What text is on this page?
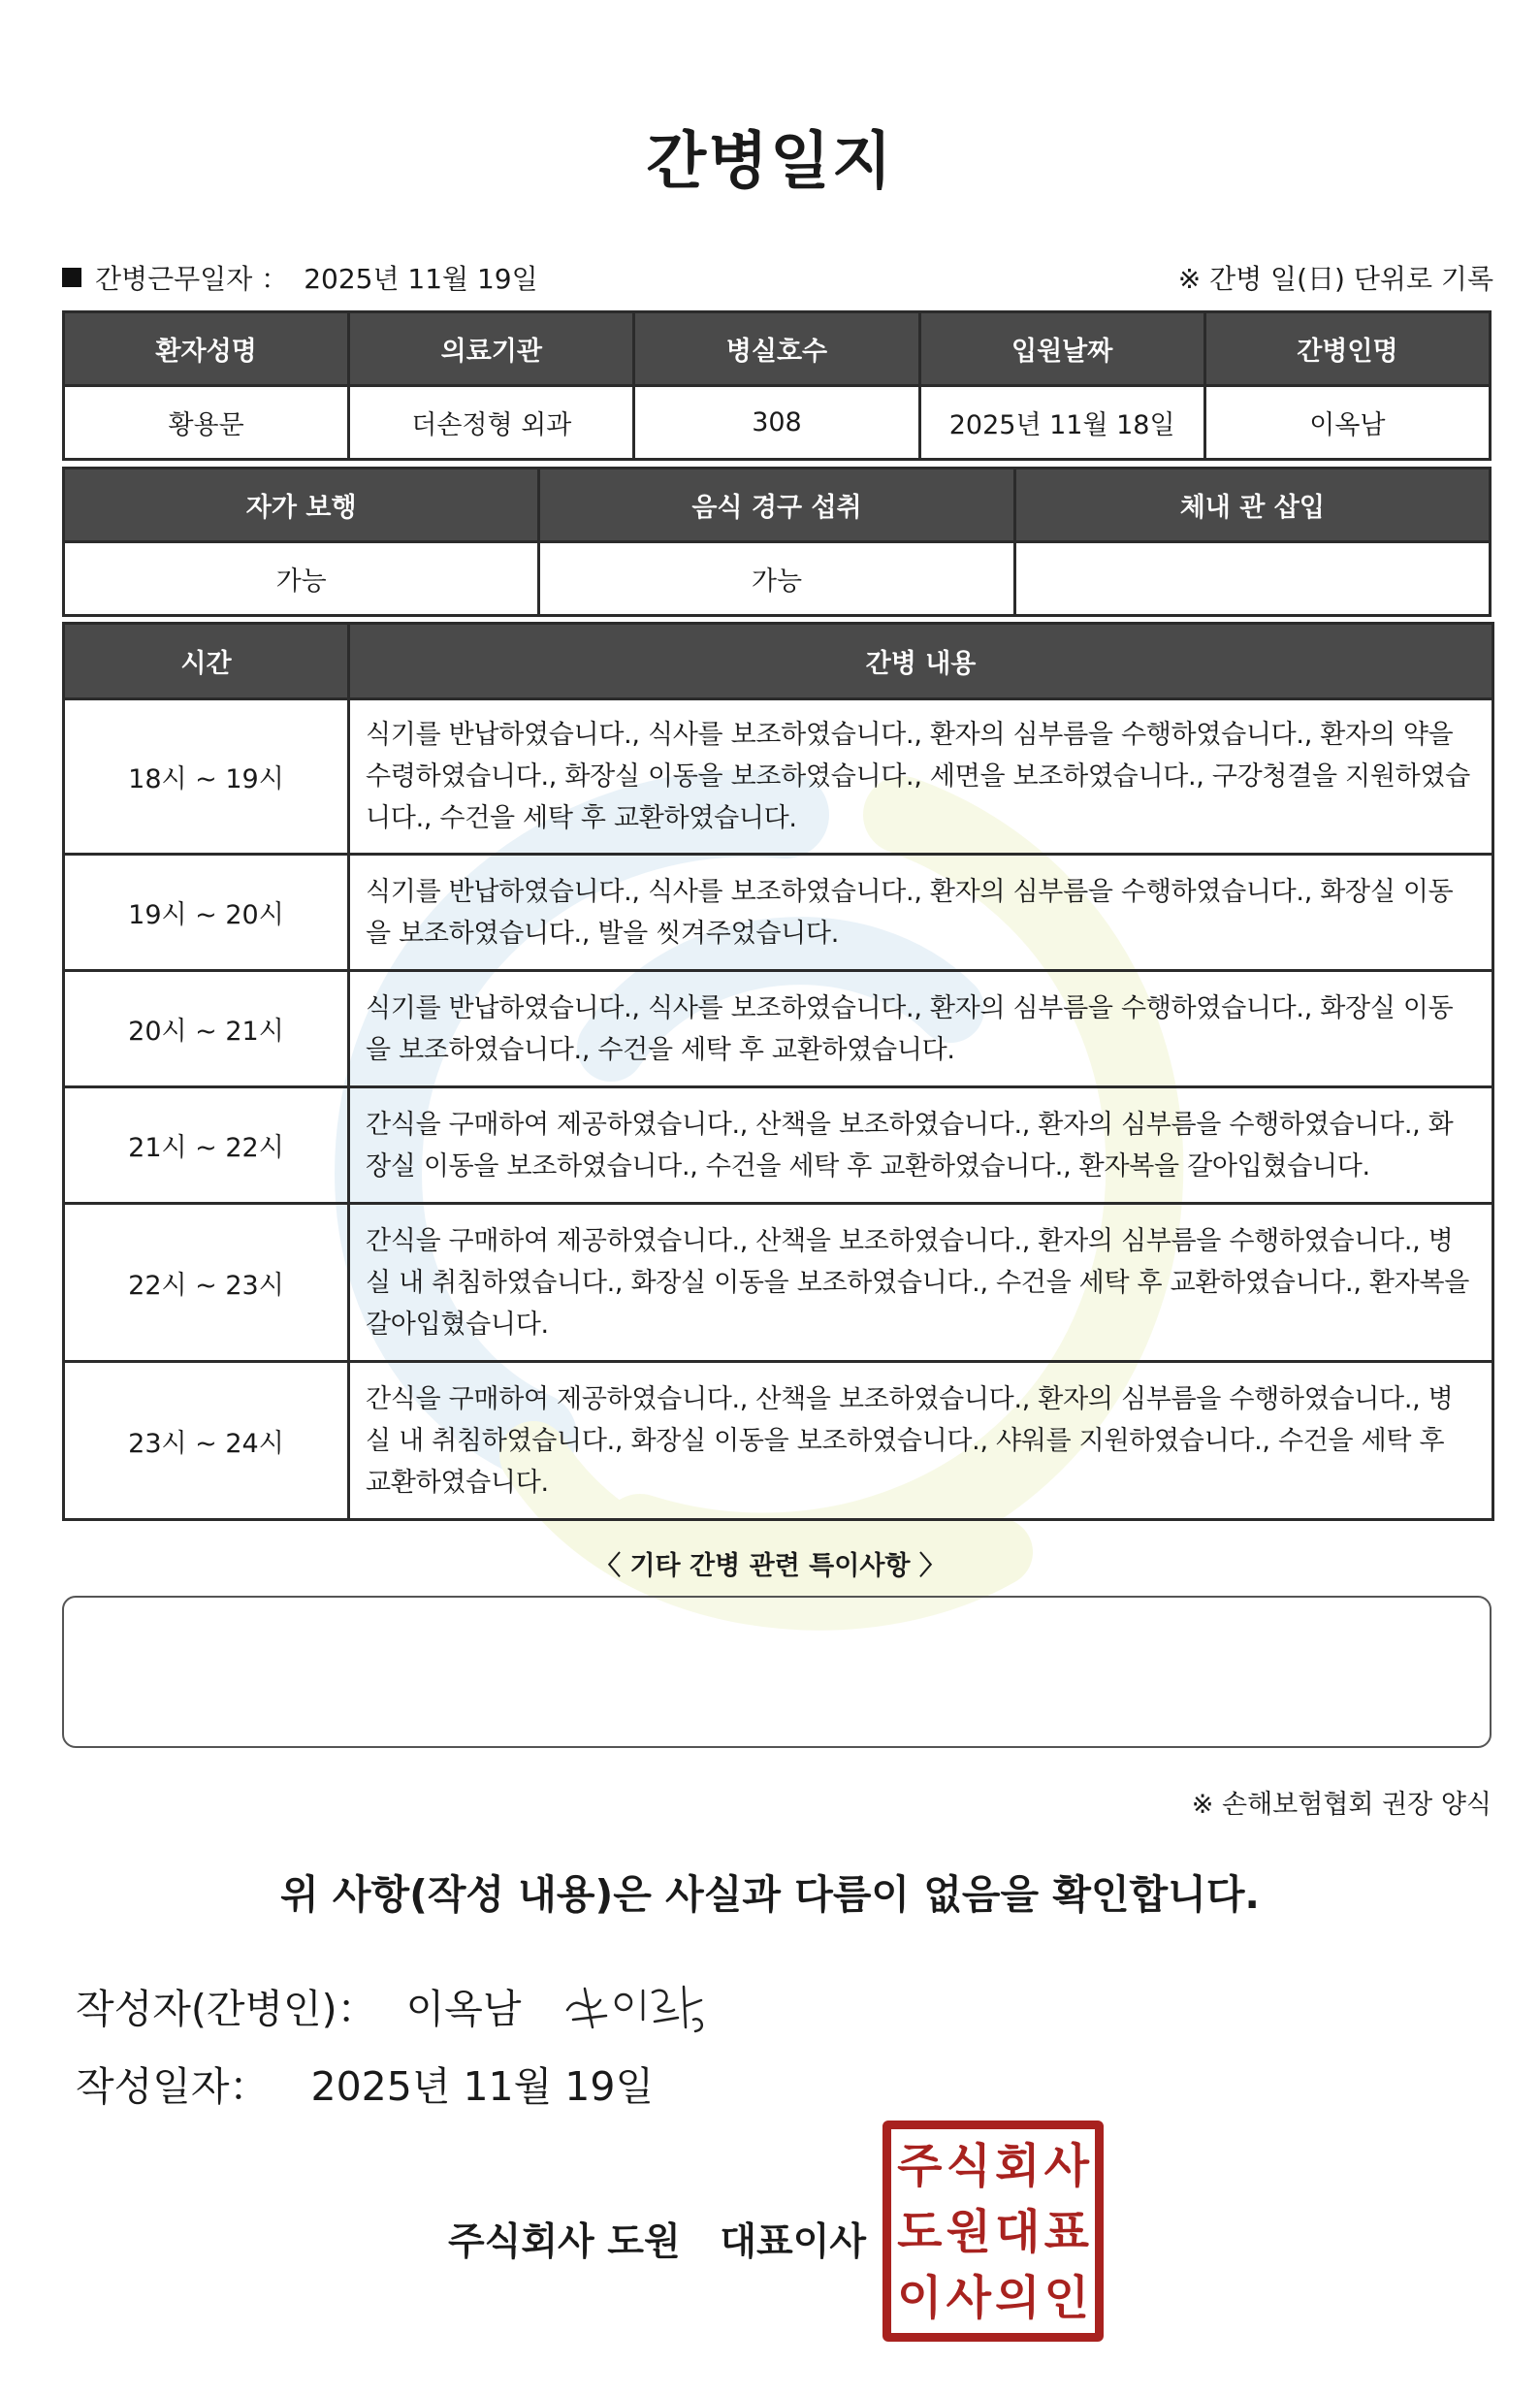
간병일지
간병근무일자 ： 2025년 11월 19일	※ 간병 일(日) 단위로 기록
환자성명	의료기관	병실호수	입원날짜	간병인명
황용문	더손정형 외과	308	2025년 11월 18일	이옥남
자가 보행	음식 경구 섭취	체내 관 삽입
가능	가능	
시간	간병 내용
18시 ~ 19시	식기를 반납하였습니다., 식사를 보조하였습니다., 환자의 심부름을 수행하였습니다., 환자의 약을 수령하였습니다., 화장실 이동을 보조하였습니다., 세면을 보조하였습니다., 구강청결을 지원하였습니다., 수건을 세탁 후 교환하였습니다.
19시 ~ 20시	식기를 반납하였습니다., 식사를 보조하였습니다., 환자의 심부름을 수행하였습니다., 화장실 이동을 보조하였습니다., 발을 씻겨주었습니다.
20시 ~ 21시	식기를 반납하였습니다., 식사를 보조하였습니다., 환자의 심부름을 수행하였습니다., 화장실 이동을 보조하였습니다., 수건을 세탁 후 교환하였습니다.
21시 ~ 22시	간식을 구매하여 제공하였습니다., 산책을 보조하였습니다., 환자의 심부름을 수행하였습니다., 화장실 이동을 보조하였습니다., 수건을 세탁 후 교환하였습니다., 환자복을 갈아입혔습니다.
22시 ~ 23시	간식을 구매하여 제공하였습니다., 산책을 보조하였습니다., 환자의 심부름을 수행하였습니다., 병실 내 취침하였습니다., 화장실 이동을 보조하였습니다., 수건을 세탁 후 교환하였습니다., 환자복을 갈아입혔습니다.
23시 ~ 24시	간식을 구매하여 제공하였습니다., 산책을 보조하였습니다., 환자의 심부름을 수행하였습니다., 병실 내 취침하였습니다., 화장실 이동을 보조하였습니다., 샤워를 지원하였습니다., 수건을 세탁 후 교환하였습니다.
〈 기타 간병 관련 특이사항 〉
※ 손해보험협회 권장 양식
위 사항(작성 내용)은 사실과 다름이 없음을 확인합니다.
작성자(간병인)： 이옥남
작성일자： 2025년 11월 19일
주식회사 도원   대표이사
주 식 회 사
도 원 대 표
이 사 의 인
